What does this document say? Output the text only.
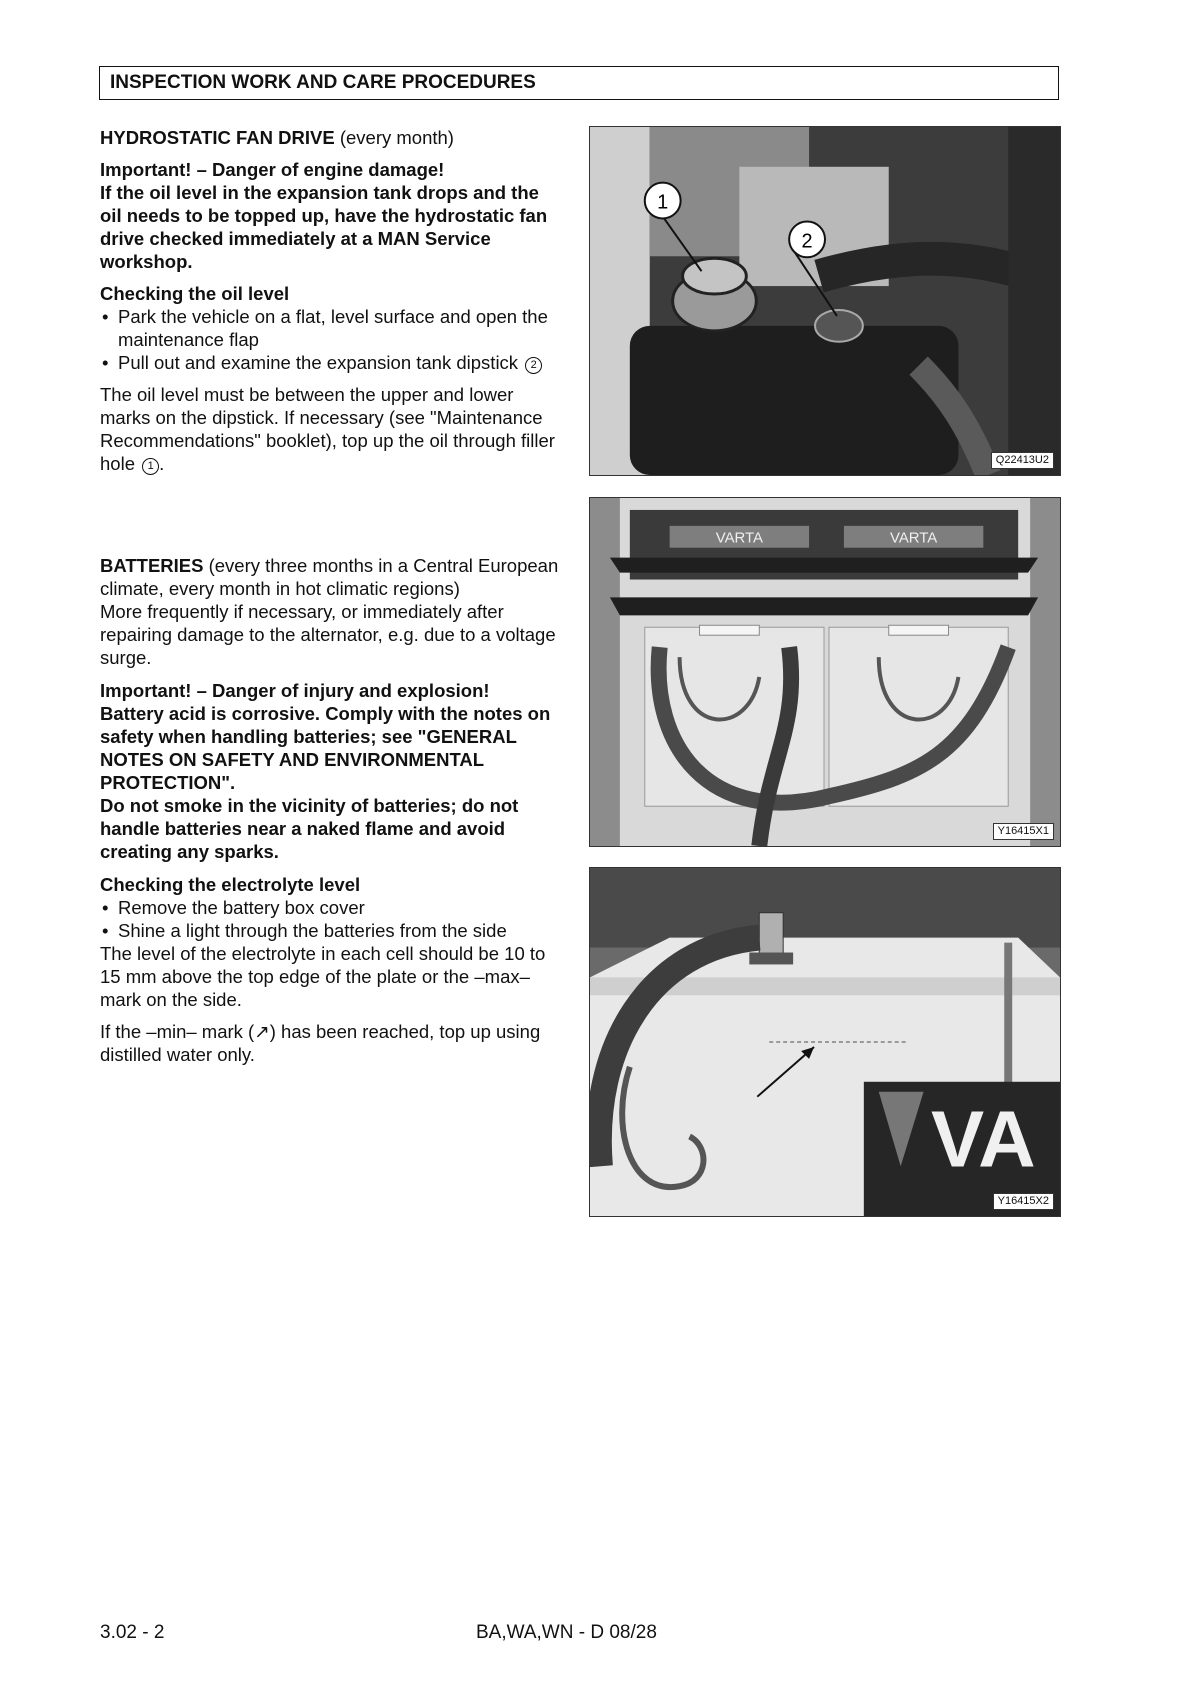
INSPECTION WORK AND CARE PROCEDURES

HYDROSTATIC FAN DRIVE (every month)

Important! – Danger of engine damage!

If the oil level in the expansion tank drops and the oil needs to be topped up, have the hydrostatic fan drive checked immediately at a MAN Service workshop.

Checking the oil level

• Park the vehicle on a flat, level surface and open the maintenance flap
• Pull out and examine the expansion tank dipstick 2

The oil level must be between the upper and lower marks on the dipstick. If necessary (see "Maintenance Recommendations" booklet), top up the oil through filler hole 1 .

BATTERIES (every three months in a Central European climate, every month in hot climatic regions)

More frequently if necessary, or immediately after repairing damage to the alternator, e.g. due to a voltage surge.

Important! – Danger of injury and explosion!

Battery acid is corrosive. Comply with the notes on safety when handling batteries; see "GENERAL NOTES ON SAFETY AND ENVIRONMENTAL PROTECTION".

Do not smoke in the vicinity of batteries; do not handle batteries near a naked flame and avoid creating any sparks.

Checking the electrolyte level

• Remove the battery box cover
• Shine a light through the batteries from the side

The level of the electrolyte in each cell should be 10 to 15 mm above the top edge of the plate or the –max– mark on the side.

If the –min– mark (↗) has been reached, top up using distilled water only.

1
2
Q22413U2
VARTA	VARTA
Y16415X1
VA
Y16415X2
3.02 - 2	BA,WA,WN - D 08/28
